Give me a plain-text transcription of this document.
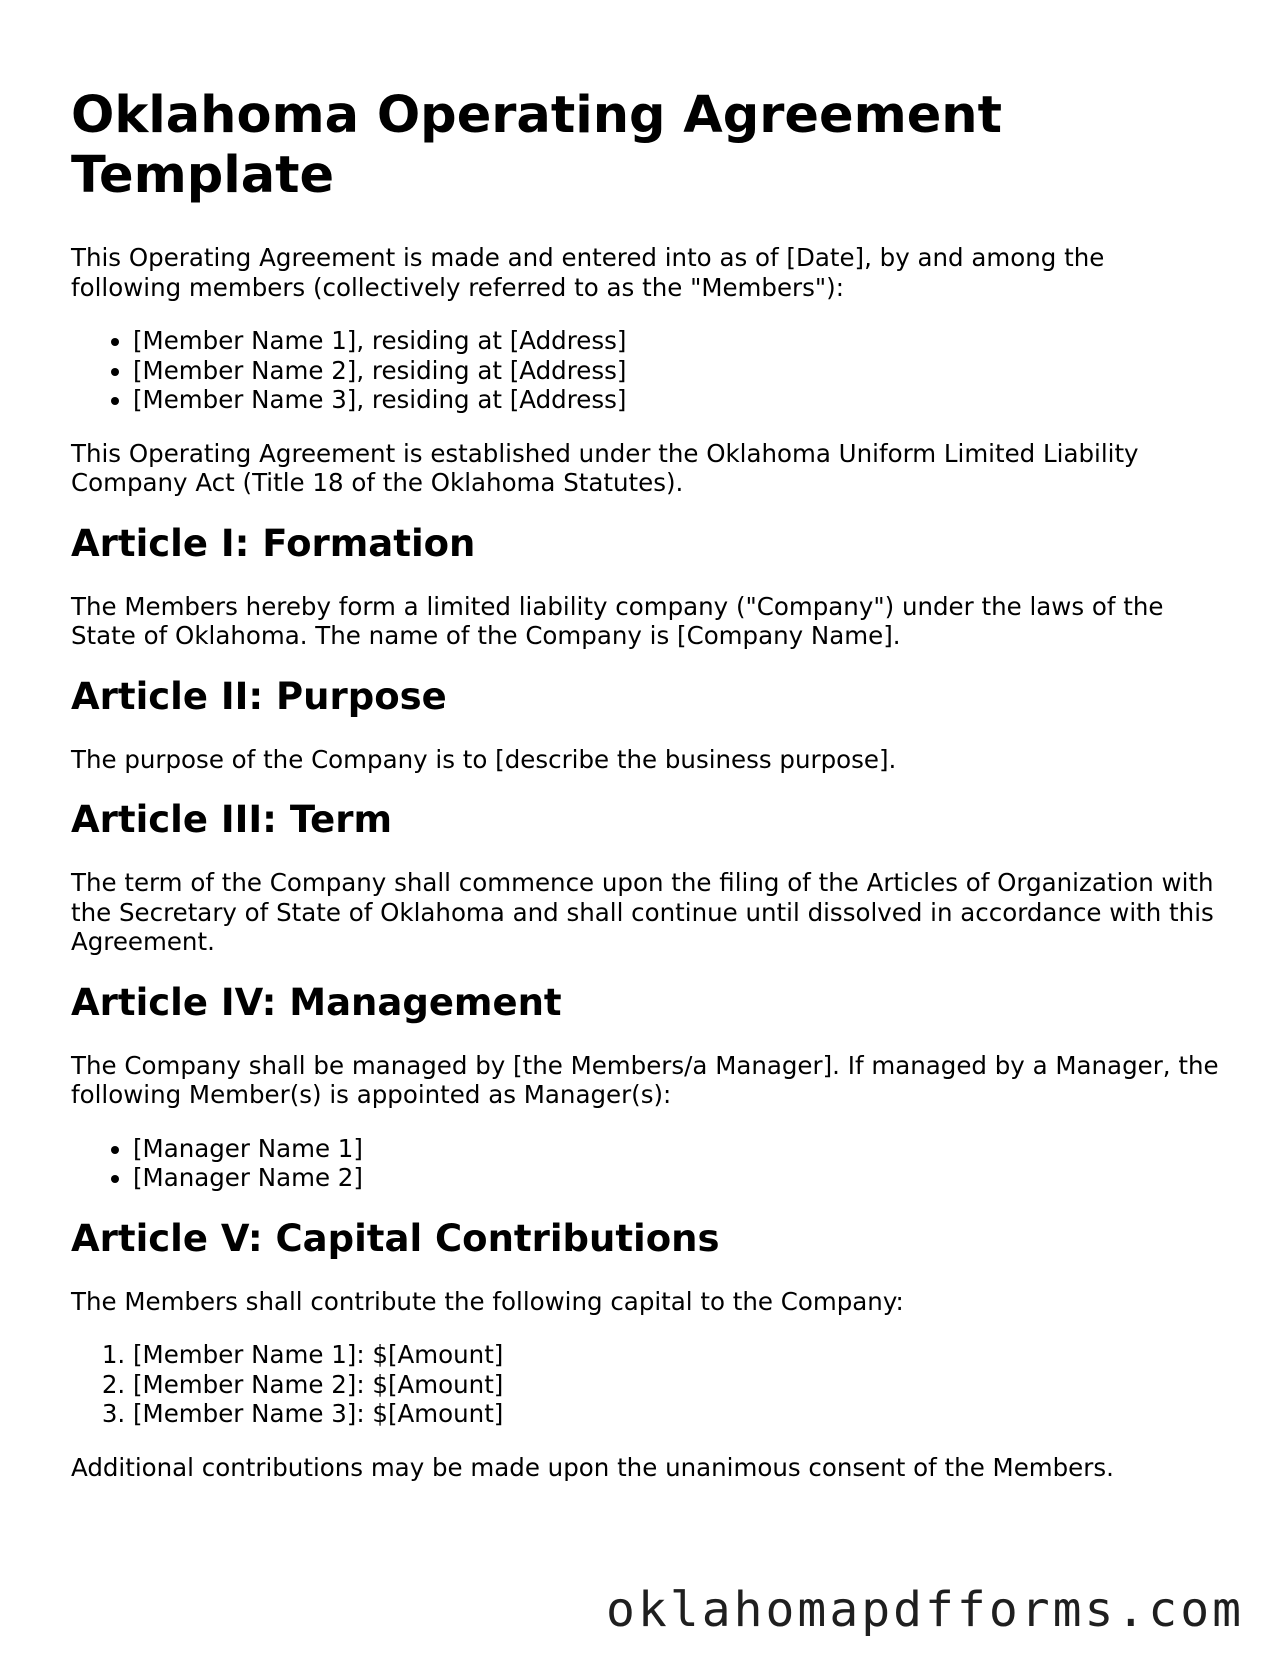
Oklahoma Operating Agreement Template

This Operating Agreement is made and entered into as of [Date], by and among the following members (collectively referred to as the "Members"):

• [Member Name 1], residing at [Address]
• [Member Name 2], residing at [Address]
• [Member Name 3], residing at [Address]

This Operating Agreement is established under the Oklahoma Uniform Limited Liability Company Act (Title 18 of the Oklahoma Statutes).

Article I: Formation

The Members hereby form a limited liability company ("Company") under the laws of the State of Oklahoma. The name of the Company is [Company Name].

Article II: Purpose

The purpose of the Company is to [describe the business purpose].

Article III: Term

The term of the Company shall commence upon the filing of the Articles of Organization with the Secretary of State of Oklahoma and shall continue until dissolved in accordance with this Agreement.

Article IV: Management

The Company shall be managed by [the Members/a Manager]. If managed by a Manager, the following Member(s) is appointed as Manager(s):

• [Manager Name 1]
• [Manager Name 2]
Article V: Capital Contributions

The Members shall contribute the following capital to the Company:

1. [Member Name 1]: $[Amount]
2. [Member Name 2]: $[Amount]
3. [Member Name 3]: $[Amount]

Additional contributions may be made upon the unanimous consent of the Members.

oklahomapdfforms.com
